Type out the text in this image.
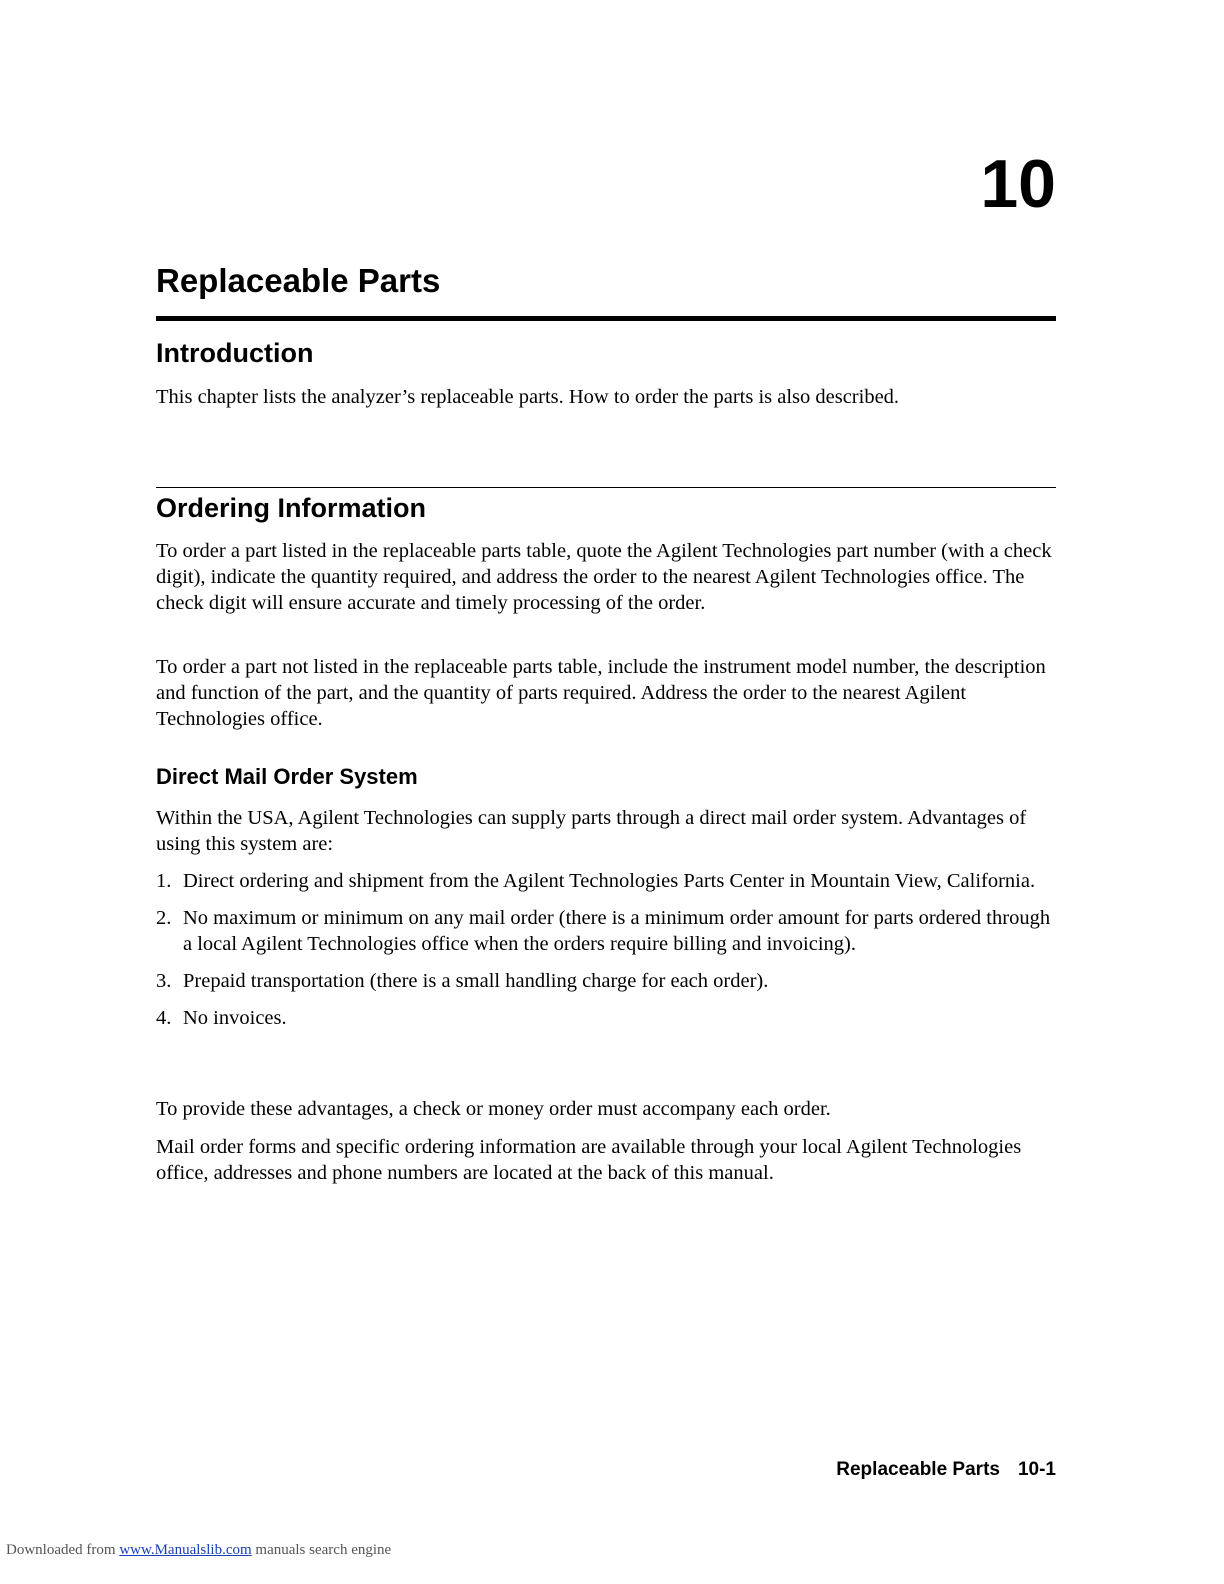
10
Replaceable Parts
Introduction

This chapter lists the analyzer’s replaceable parts. How to order the parts is also described.

Ordering Information

To order a part listed in the replaceable parts table, quote the Agilent Technologies part number (with a check digit), indicate the quantity required, and address the order to the nearest Agilent Technologies office. The check digit will ensure accurate and timely processing of the order.

To order a part not listed in the replaceable parts table, include the instrument model number, the description and function of the part, and the quantity of parts required. Address the order to the nearest Agilent Technologies office.

Direct Mail Order System

Within the USA, Agilent Technologies can supply parts through a direct mail order system. Advantages of using this system are:

1. Direct ordering and shipment from the Agilent Technologies Parts Center in Mountain View, California.
2. No maximum or minimum on any mail order (there is a minimum order amount for parts ordered through a local Agilent Technologies office when the orders require billing and invoicing).
3. Prepaid transportation (there is a small handling charge for each order).
4. No invoices.

To provide these advantages, a check or money order must accompany each order.

Mail order forms and specific ordering information are available through your local Agilent Technologies office, addresses and phone numbers are located at the back of this manual.

Replaceable Parts 10-1
Downloaded from www.Manualslib.com manuals search engine
